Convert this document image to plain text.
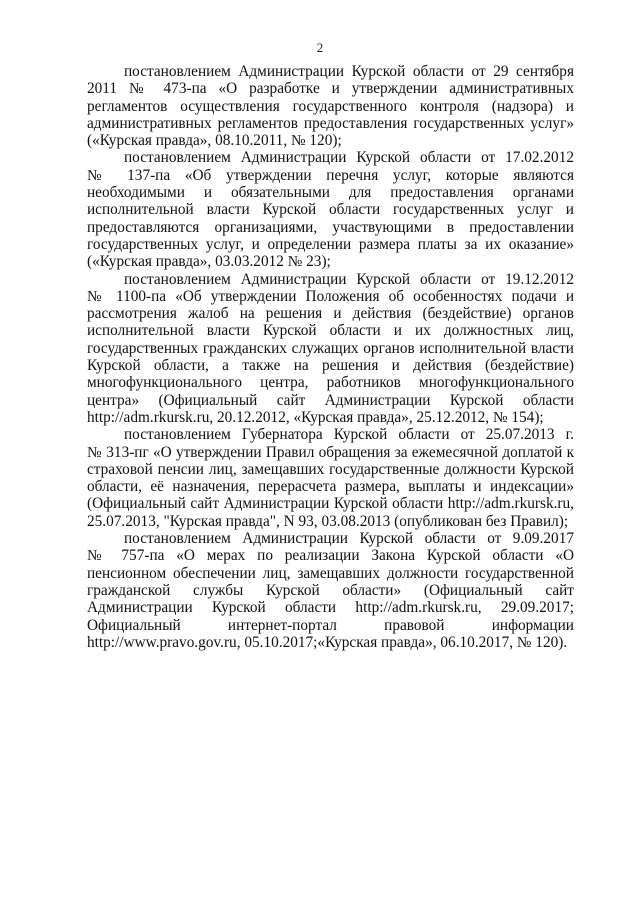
2

постановлением Администрации Курской области от 29 сентября
2011 № 473-па «О разработке и утверждении административных
регламентов осуществления государственного контроля (надзора) и
административных регламентов предоставления государственных услуг»
(«Курская правда», 08.10.2011, № 120);

постановлением Администрации Курской области от 17.02.2012
№ 137-па «Об утверждении перечня услуг, которые являются
необходимыми и обязательными для предоставления органами
исполнительной власти Курской области государственных услуг и
предоставляются организациями, участвующими в предоставлении
государственных услуг, и определении размера платы за их оказание»
(«Курская правда», 03.03.2012 № 23);

постановлением Администрации Курской области от 19.12.2012
№ 1100-па «Об утверждении Положения об особенностях подачи и
рассмотрения жалоб на решения и действия (бездействие) органов
исполнительной власти Курской области и их должностных лиц,
государственных гражданских служащих органов исполнительной власти
Курской области, а также на решения и действия (бездействие)
многофункционального центра, работников многофункционального
центра» (Официальный сайт Администрации Курской области
http://adm.rkursk.ru, 20.12.2012, «Курская правда», 25.12.2012, № 154);

постановлением Губернатора Курской области от 25.07.2013 г.
№ 313-пг «О утверждении Правил обращения за ежемесячной доплатой к
страховой пенсии лиц, замещавших государственные должности Курской
области, её назначения, перерасчета размера, выплаты и индексации»
(Официальный сайт Администрации Курской области http://adm.rkursk.ru,
25.07.2013, "Курская правда", N 93, 03.08.2013 (опубликован без Правил);

постановлением Администрации Курской области от 9.09.2017
№ 757-па «О мерах по реализации Закона Курской области «О
пенсионном обеспечении лиц, замещавших должности государственной
гражданской службы Курской области» (Официальный сайт
Администрации Курской области http://adm.rkursk.ru, 29.09.2017;
Официальный интернет-портал правовой информации
http://www.pravo.gov.ru, 05.10.2017;«Курская правда», 06.10.2017, № 120).
